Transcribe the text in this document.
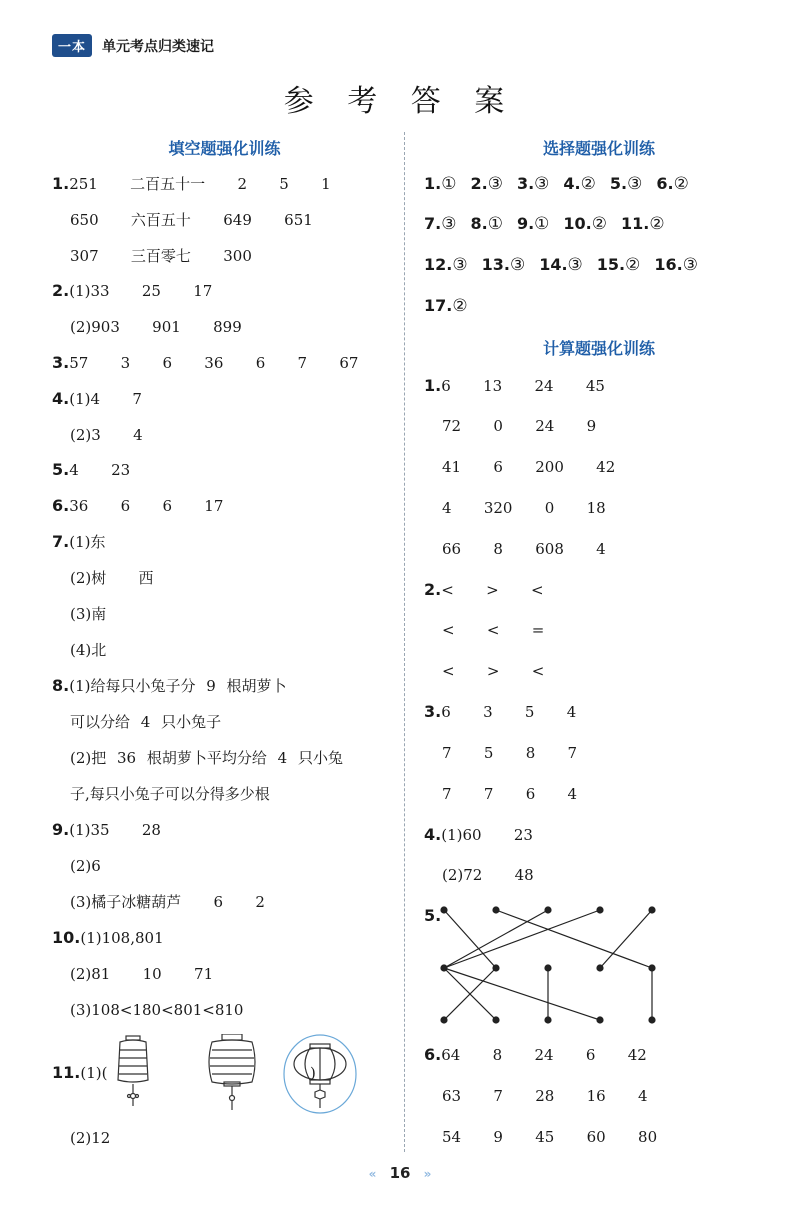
一本	单元考点归类速记
参 考 答 案
填空题强化训练
1.251   二百五十一   2   5   1
650   六百五十   649   651
307   三百零七   300
2.(1)33   25   17
(2)903   901   899
3.57   3   6   36   6   7   67
4.(1)4   7
(2)3   4
5.4   23
6.36   6   6   17
7.(1)东
(2)树   西
(3)南
(4)北
8.(1)给每只小兔子分 9 根胡萝卜
可以分给 4 只小兔子
(2)把 36 根胡萝卜平均分给 4 只小兔
子,每只小兔子可以分得多少根
9.(1)35   28
(2)6
(3)橘子冰糖葫芦   6   2
10.(1)108,801
(2)81   10   71
(3)108<180<801<810
11.(1)(
(2)12
)
选择题强化训练
1.① 2.③ 3.③ 4.② 5.③ 6.②
7.③ 8.① 9.① 10.② 11.②
12.③ 13.③ 14.③ 15.② 16.③
17.②
计算题强化训练
1.6   13   24   45
72   0   24   9
41   6   200   42
4   320   0   18
66   8   608   4
2.<   >   <
<   <   =
<   >   <
3.6   3   5   4
7   5   8   7
7   7   6   4
4.(1)60   23
(2)72   48
5.
6.64   8   24   6   42
63   7   28   16   4
54   9   45   60   80
« 16 »
